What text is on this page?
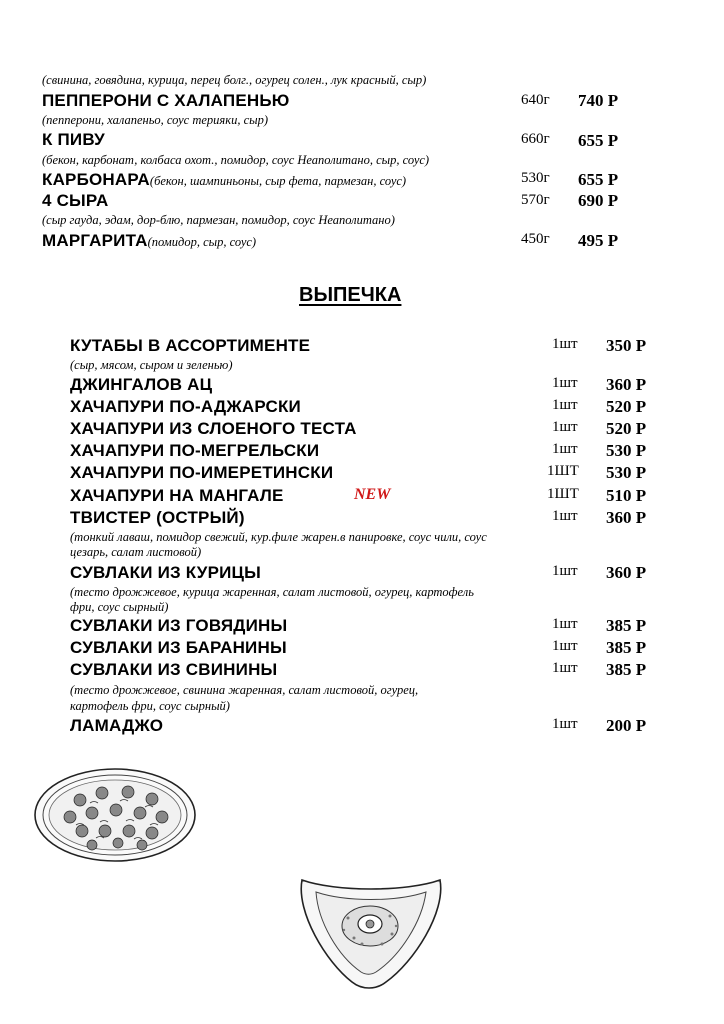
(свинина, говядина, курица, перец болг., огурец солен., лук красный, сыр)
ПЕППЕРОНИ С ХАЛАПЕНЬЮ	640г 740 Р
(пепперони, халапеньо, соус терияки, сыр)
К ПИВУ	660г 655 Р
(бекон, карбонат, колбаса охот., помидор, соус Неаполитано, сыр, соус)
КАРБОНАРА(бекон, шампиньоны, сыр фета, пармезан, соус)	530г 655 Р
4 СЫРА	570г 690 Р
(сыр гауда, эдам, дор-блю, пармезан, помидор, соус Неаполитано)
МАРГАРИТА(помидор, сыр, соус)	450г 495 Р
ВЫПЕЧКА
КУТАБЫ В АССОРТИМЕНТЕ	1шт 350 Р
(сыр, мясом, сыром и зеленью)
ДЖИНГАЛОВ АЦ	1шт 360 Р
ХАЧАПУРИ ПО-АДЖАРСКИ	1шт 520 Р
ХАЧАПУРИ ИЗ СЛОЕНОГО ТЕСТА	1шт 520 Р
ХАЧАПУРИ ПО-МЕГРЕЛЬСКИ	1шт 530 Р
ХАЧАПУРИ ПО-ИМЕРЕТИНСКИ	1ШТ 530 Р
ХАЧАПУРИ НА МАНГАЛЕ	NEW	1ШТ 510 Р
ТВИСТЕР (ОСТРЫЙ)	1шт 360 Р
(тонкий лаваш, помидор свежий, кур.филе жарен.в панировке, соус чили, соус
цезарь, салат листовой)
СУВЛАКИ ИЗ КУРИЦЫ	1шт 360 Р
(тесто дрожжевое, курица жаренная, салат листовой, огурец, картофель
фри, соус сырный)
СУВЛАКИ ИЗ ГОВЯДИНЫ	1шт 385 Р
СУВЛАКИ ИЗ БАРАНИНЫ	1шт 385 Р
СУВЛАКИ ИЗ СВИНИНЫ	1шт 385 Р
(тесто дрожжевое, свинина жаренная, салат листовой, огурец,
картофель фри, соус сырный)
ЛАМАДЖО	1шт 200 Р
